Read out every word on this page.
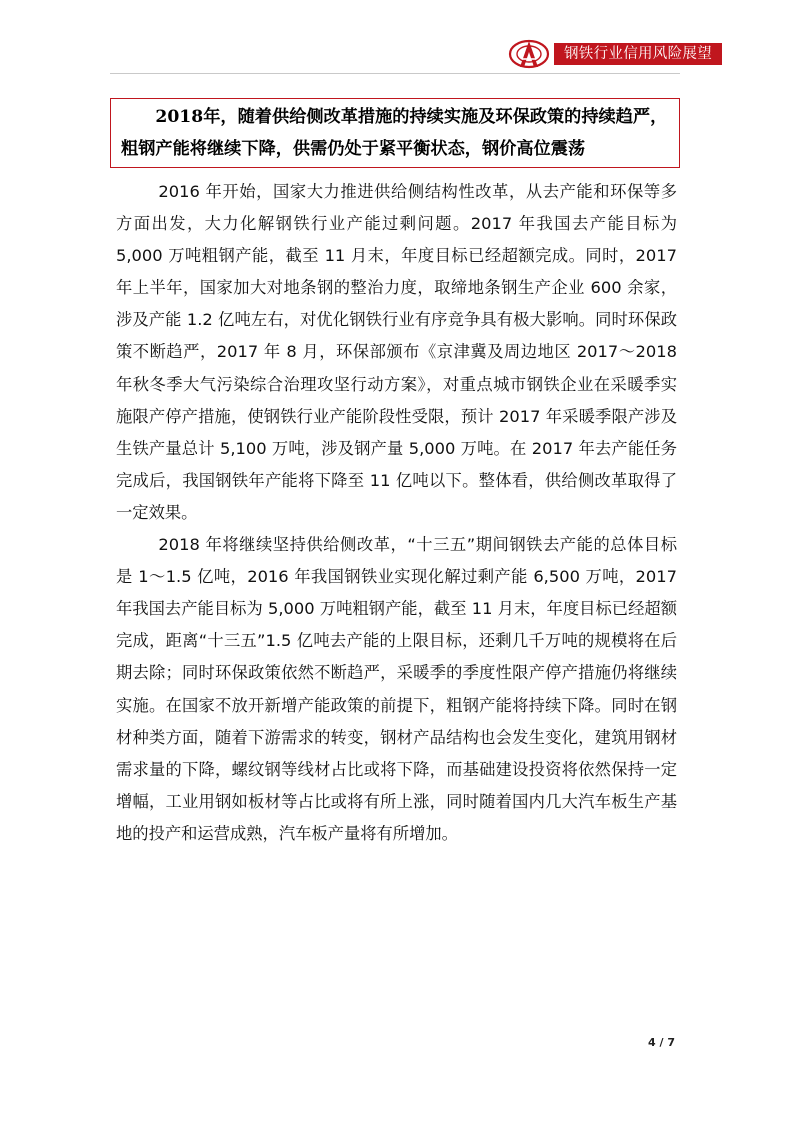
钢铁行业信用风险展望
2018年，随着供给侧改革措施的持续实施及环保政策的持续趋严，粗钢产能将继续下降，供需仍处于紧平衡状态，钢价高位震荡

2016 年开始，国家大力推进供给侧结构性改革，从去产能和环保等多方面出发，大力化解钢铁行业产能过剩问题。2017 年我国去产能目标为 5,000 万吨粗钢产能，截至 11 月末，年度目标已经超额完成。同时，2017 年上半年，国家加大对地条钢的整治力度，取缔地条钢生产企业 600 余家，涉及产能 1.2 亿吨左右，对优化钢铁行业有序竞争具有极大影响。同时环保政策不断趋严，2017 年 8 月，环保部颁布《京津冀及周边地区 2017～2018 年秋冬季大气污染综合治理攻坚行动方案》，对重点城市钢铁企业在采暖季实施限产停产措施，使钢铁行业产能阶段性受限，预计 2017 年采暖季限产涉及生铁产量总计 5,100 万吨，涉及钢产量 5,000 万吨。在 2017 年去产能任务完成后，我国钢铁年产能将下降至 11 亿吨以下。整体看，供给侧改革取得了一定效果。

2018 年将继续坚持供给侧改革，“十三五”期间钢铁去产能的总体目标是 1～1.5 亿吨，2016 年我国钢铁业实现化解过剩产能 6,500 万吨，2017 年我国去产能目标为 5,000 万吨粗钢产能，截至 11 月末，年度目标已经超额完成，距离“十三五”1.5 亿吨去产能的上限目标，还剩几千万吨的规模将在后期去除；同时环保政策依然不断趋严，采暖季的季度性限产停产措施仍将继续实施。在国家不放开新增产能政策的前提下，粗钢产能将持续下降。同时在钢材种类方面，随着下游需求的转变，钢材产品结构也会发生变化，建筑用钢材需求量的下降，螺纹钢等线材占比或将下降，而基础建设投资将依然保持一定增幅，工业用钢如板材等占比或将有所上涨，同时随着国内几大汽车板生产基地的投产和运营成熟，汽车板产量将有所增加。

4 / 7
